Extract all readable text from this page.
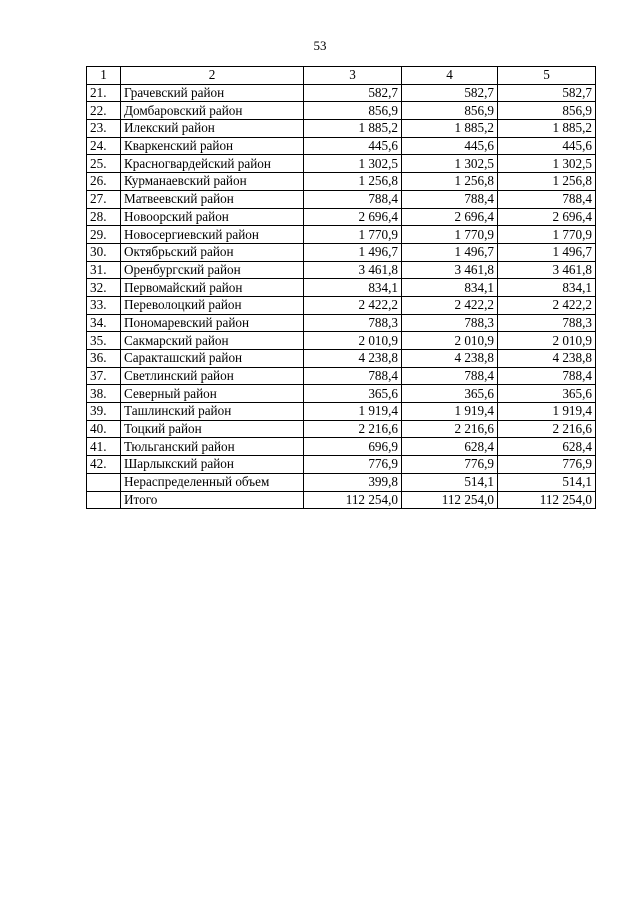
53
1	2	3	4	5
21.	Грачевский район	582,7	582,7	582,7
22.	Домбаровский район	856,9	856,9	856,9
23.	Илекский район	1 885,2	1 885,2	1 885,2
24.	Кваркенский район	445,6	445,6	445,6
25.	Красногвардейский район	1 302,5	1 302,5	1 302,5
26.	Курманаевский район	1 256,8	1 256,8	1 256,8
27.	Матвеевский район	788,4	788,4	788,4
28.	Новоорский район	2 696,4	2 696,4	2 696,4
29.	Новосергиевский район	1 770,9	1 770,9	1 770,9
30.	Октябрьский район	1 496,7	1 496,7	1 496,7
31.	Оренбургский район	3 461,8	3 461,8	3 461,8
32.	Первомайский район	834,1	834,1	834,1
33.	Переволоцкий район	2 422,2	2 422,2	2 422,2
34.	Пономаревский район	788,3	788,3	788,3
35.	Сакмарский район	2 010,9	2 010,9	2 010,9
36.	Саракташский район	4 238,8	4 238,8	4 238,8
37.	Светлинский район	788,4	788,4	788,4
38.	Северный район	365,6	365,6	365,6
39.	Ташлинский район	1 919,4	1 919,4	1 919,4
40.	Тоцкий район	2 216,6	2 216,6	2 216,6
41.	Тюльганский район	696,9	628,4	628,4
42.	Шарлыкский район	776,9	776,9	776,9
	Нераспределенный объем	399,8	514,1	514,1
	Итого	112 254,0	112 254,0	112 254,0
